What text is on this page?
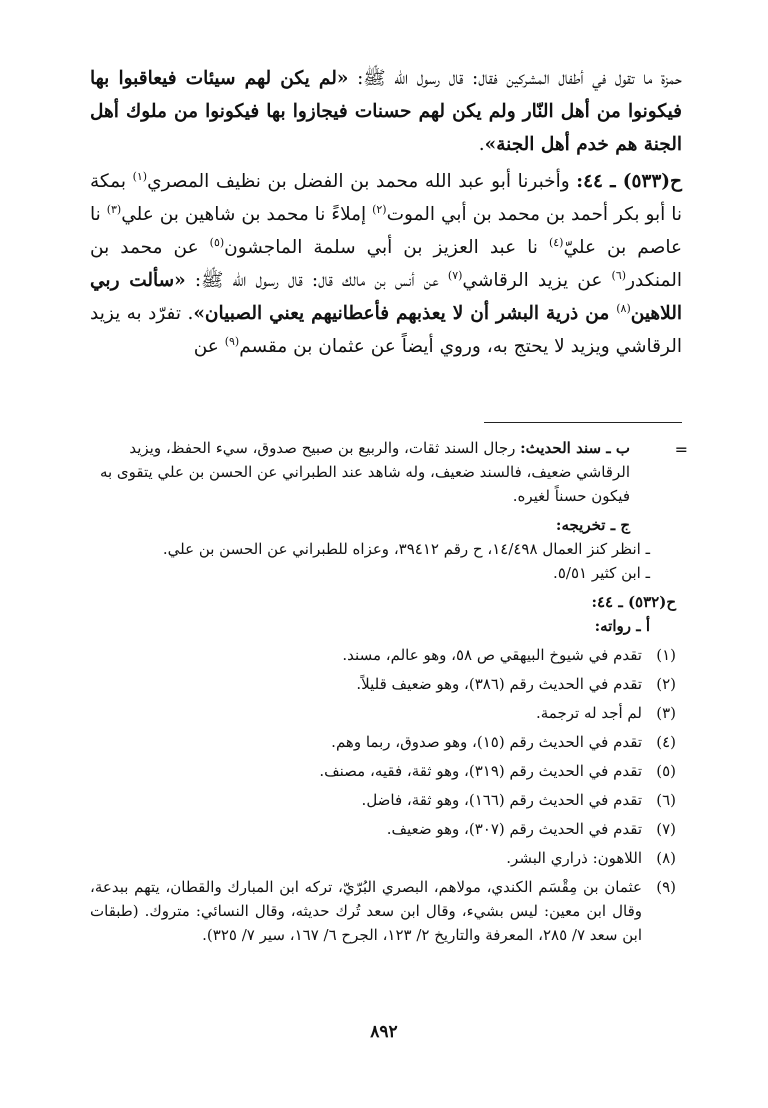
حمزة ما تقول في أطفال المشركين فقال: قال رسول الله ﷺ: «لم يكن لهم سيئات فيعاقبوا بها فيكونوا من أهل النّار ولم يكن لهم حسنات فيجازوا بها فيكونوا من ملوك أهل الجنة هم خدم أهل الجنة».

ح(٥٣٣) ـ ٤٤: وأخبرنا أبو عبد الله محمد بن الفضل بن نظيف المصري$^{(١)}$ بمكة نا أبو بكر أحمد بن محمد بن أبي الموت$^{(٢)}$ إملاءً نا محمد بن شاهين بن علي$^{(٣)}$ نا عاصم بن عليّ$^{(٤)}$ نا عبد العزيز بن أبي سلمة الماجشون$^{(٥)}$ عن محمد بن المنكدر$^{(٦)}$ عن يزيد الرقاشي$^{(٧)}$ عن أنس بن مالك قال: قال رسول الله ﷺ: «سألت ربي اللاهين$^{(٨)}$ من ذرية البشر أن لا يعذبهم فأعطانيهم يعني الصبيان». تفرّد به يزيد الرقاشي ويزيد لا يحتج به، وروي أيضاً عن عثمان بن مقسم$^{(٩)}$ عن

=
ب ـ سند الحديث: رجال السند ثقات، والربيع بن صبيح صدوق، سيء الحفظ، ويزيد الرقاشي ضعيف، فالسند ضعيف، وله شاهد عند الطبراني عن الحسن بن علي يتقوى به فيكون حسناً لغيره.
ج ـ تخريجه:
ـ انظر كنز العمال ١٤/٤٩٨، ح رقم ٣٩٤١٢، وعزاه للطبراني عن الحسن بن علي.
ـ ابن كثير ٥/٥١.
ح(٥٣٢) ـ ٤٤:
أ ـ رواته:
(١)
تقدم في شيوخ البيهقي ص ٥٨، وهو عالم، مسند.
(٢)
تقدم في الحديث رقم (٣٨٦)، وهو ضعيف قليلاً.
(٣)
لم أجد له ترجمة.
(٤)
تقدم في الحديث رقم (١٥)، وهو صدوق، ربما وهم.
(٥)
تقدم في الحديث رقم (٣١٩)، وهو ثقة، فقيه، مصنف.
(٦)
تقدم في الحديث رقم (١٦٦)، وهو ثقة، فاضل.
(٧)
تقدم في الحديث رقم (٣٠٧)، وهو ضعيف.
(٨)
اللاهون: ذراري البشر.
(٩)
عثمان بن مِقْسَم الكندي، مولاهم، البصري البُرّيّ، تركه ابن المبارك والقطان، يتهم ببدعة، وقال ابن معين: ليس بشيء، وقال ابن سعد تُرك حديثه، وقال النسائي: متروك. (طبقات ابن سعد ٧/ ٢٨٥، المعرفة والتاريخ ٢/ ١٢٣، الجرح ٦/ ١٦٧، سير ٧/ ٣٢٥).
٨٩٢
